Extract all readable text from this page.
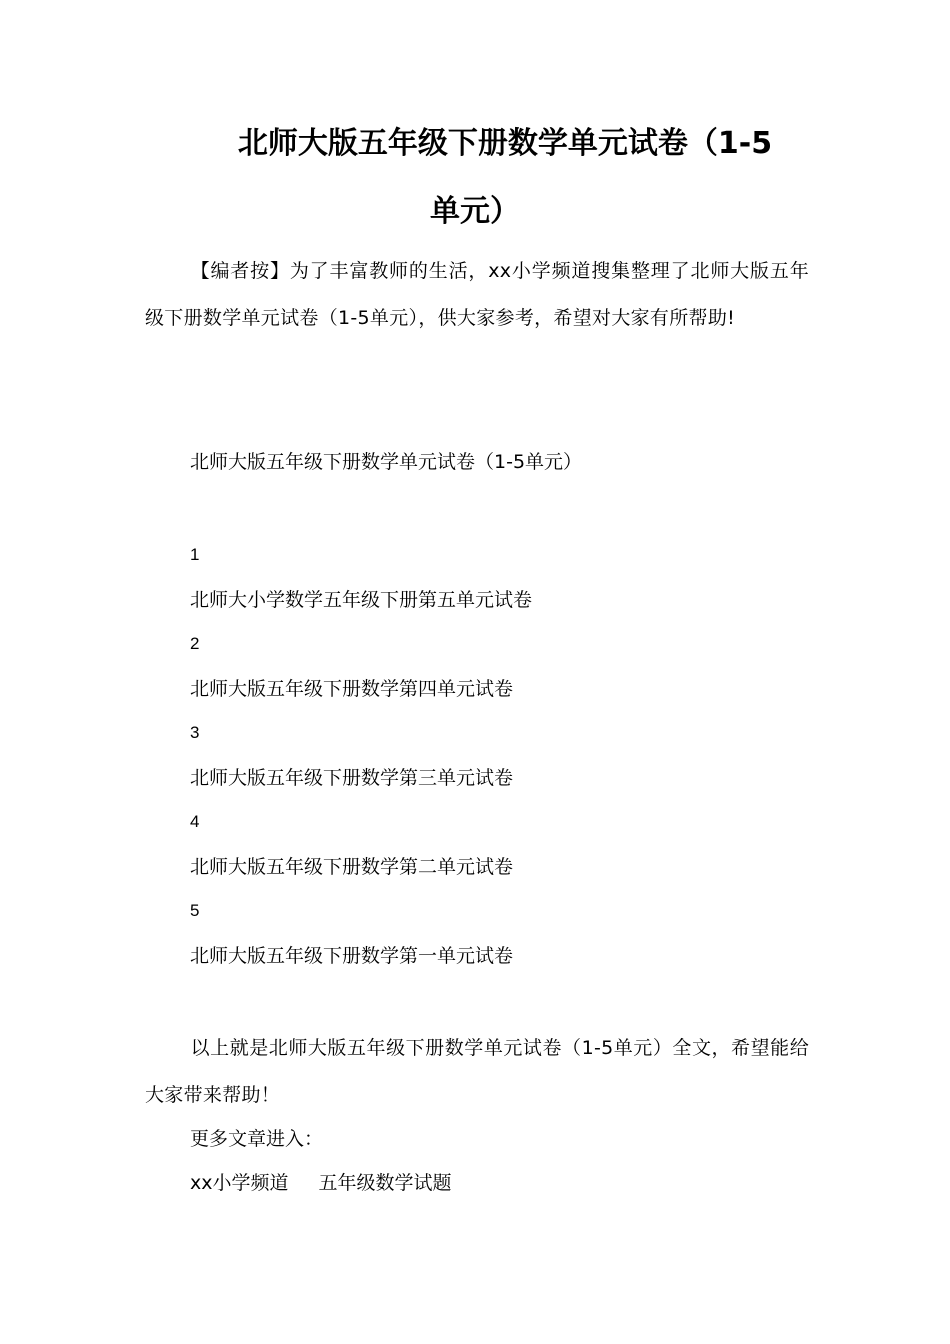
北师大版五年级下册数学单元试卷（1-5
单元）

【编者按】为了丰富教师的生活，xx小学频道搜集整理了北师大版五年级下册数学单元试卷（1-5单元），供大家参考，希望对大家有所帮助!

北师大版五年级下册数学单元试卷（1-5单元）

1

北师大小学数学五年级下册第五单元试卷

2

北师大版五年级下册数学第四单元试卷

3

北师大版五年级下册数学第三单元试卷

4

北师大版五年级下册数学第二单元试卷

5

北师大版五年级下册数学第一单元试卷

以上就是北师大版五年级下册数学单元试卷（1-5单元）全文，希望能给大家带来帮助！

更多文章进入：

xx小学频道 五年级数学试题
